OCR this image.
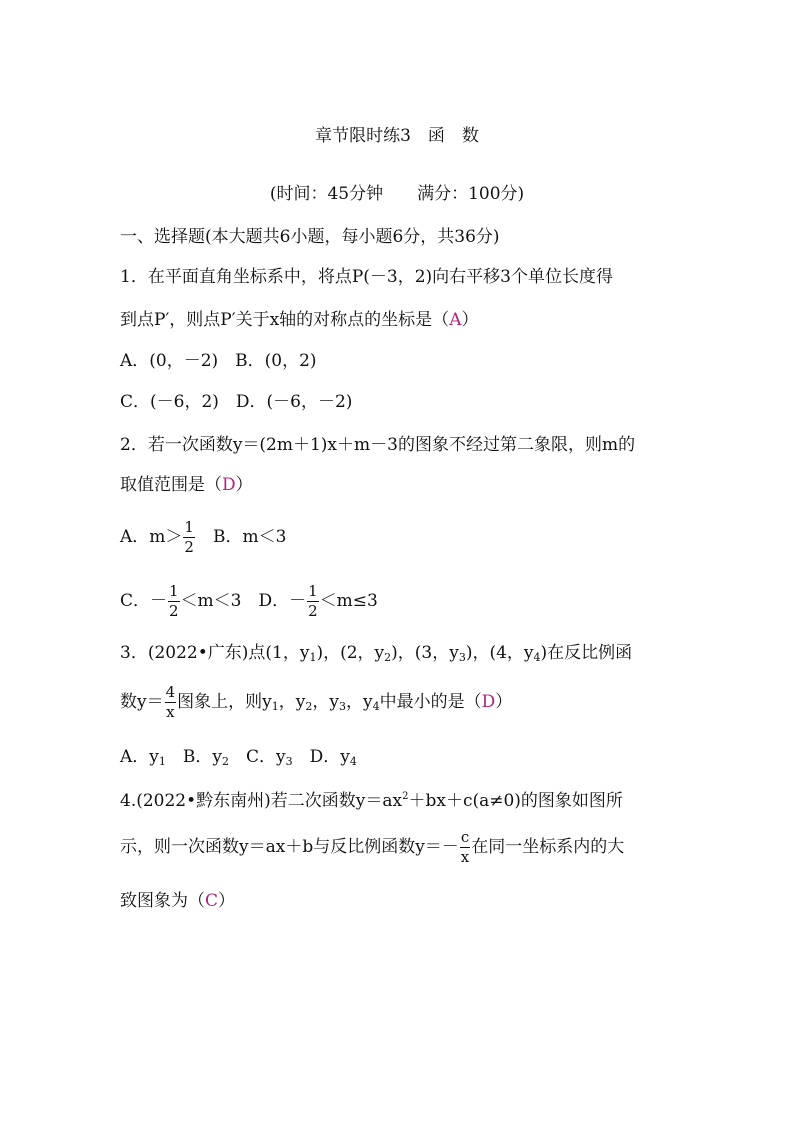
章节限时练3　函　数
(时间：45分钟　　满分：100分)
一、选择题(本大题共6小题，每小题6分，共36分)
1．在平面直角坐标系中，将点P(－3，2)向右平移3个单位长度得
到点P′，则点P′关于x轴的对称点的坐标是（A）
A．(0，－2)　B．(0，2)
C．(－6，2)　D．(－6，－2)
2．若一次函数y＝(2m＋1)x＋m－3的图象不经过第二象限，则m的
取值范围是（D）
A．$m> \frac{1}{2}$ 　B．m＜3
C．－ $\frac{1}{2} <m<3$　D．－ $\frac{1}{2} <m\le 3$
3．(2022•广东)点(1，$y_1$)，(2，$y_2$)，(3，$y_3$)，(4，$y_4$)在反比例函
数$y= \frac{4}{x}$ 图象上，则$y_1$，$y_2$，$y_3$，$y_4$中最小的是（D）
A．$y_1$　B．$y_2$　C．$y_3$　D．$y_4$
4.(2022•黔东南州)若二次函数$y=ax^2+bx+c(a\ne 0)$的图象如图所
示，则一次函数y＝ax＋b与反比例函数$y=- \frac{c}{x}$ 在同一坐标系内的大
致图象为（C）
